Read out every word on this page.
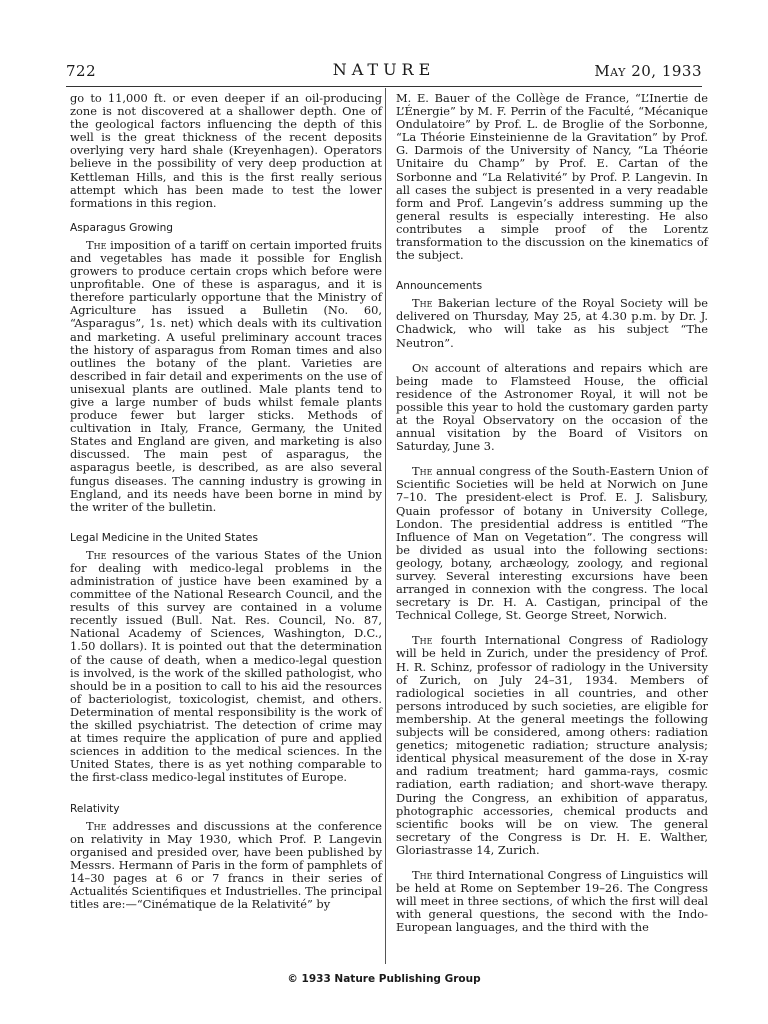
722	NATURE	May 20, 1933

go to 11,000 ft. or even deeper if an oil-producing zone is not discovered at a shallower depth. One of the geological factors influencing the depth of this well is the great thickness of the recent deposits overlying very hard shale (Kreyenhagen). Operators believe in the possibility of very deep production at Kettleman Hills, and this is the first really serious attempt which has been made to test the lower formations in this region.

Asparagus Growing

The imposition of a tariff on certain imported fruits and vegetables has made it possible for English growers to produce certain crops which before were unprofitable. One of these is asparagus, and it is therefore particularly opportune that the Ministry of Agriculture has issued a Bulletin (No. 60, “Asparagus”, 1s. net) which deals with its cultivation and marketing. A useful preliminary account traces the history of asparagus from Roman times and also outlines the botany of the plant. Varieties are described in fair detail and experiments on the use of unisexual plants are outlined. Male plants tend to give a large number of buds whilst female plants produce fewer but larger sticks. Methods of cultivation in Italy, France, Germany, the United States and England are given, and marketing is also discussed. The main pest of asparagus, the asparagus beetle, is described, as are also several fungus diseases. The canning industry is growing in England, and its needs have been borne in mind by the writer of the bulletin.

Legal Medicine in the United States

The resources of the various States of the Union for dealing with medico-legal problems in the administration of justice have been examined by a committee of the National Research Council, and the results of this survey are contained in a volume recently issued (Bull. Nat. Res. Council, No. 87, National Academy of Sciences, Washington, D.C., 1.50 dollars). It is pointed out that the determination of the cause of death, when a medico-legal question is involved, is the work of the skilled pathologist, who should be in a position to call to his aid the resources of bacteriologist, toxicologist, chemist, and others. Determination of mental responsibility is the work of the skilled psychiatrist. The detection of crime may at times require the application of pure and applied sciences in addition to the medical sciences. In the United States, there is as yet nothing comparable to the first-class medico-legal institutes of Europe.

Relativity

The addresses and discussions at the conference on relativity in May 1930, which Prof. P. Langevin organised and presided over, have been published by Messrs. Hermann of Paris in the form of pamphlets of 14–30 pages at 6 or 7 francs in their series of Actualités Scientifiques et Industrielles. The principal titles are:—“Cinématique de la Relativité” by

M. E. Bauer of the Collège de France, “L’Inertie de L’Énergie” by M. F. Perrin of the Faculté, “Mécanique Ondulatoire” by Prof. L. de Broglie of the Sorbonne, “La Théorie Einsteinienne de la Gravitation” by Prof. G. Darmois of the University of Nancy, “La Théorie Unitaire du Champ” by Prof. E. Cartan of the Sorbonne and “La Relativité” by Prof. P. Langevin. In all cases the subject is presented in a very readable form and Prof. Langevin’s address summing up the general results is especially interesting. He also contributes a simple proof of the Lorentz transformation to the discussion on the kinematics of the subject.

Announcements

The Bakerian lecture of the Royal Society will be delivered on Thursday, May 25, at 4.30 p.m. by Dr. J. Chadwick, who will take as his subject “The Neutron”.

On account of alterations and repairs which are being made to Flamsteed House, the official residence of the Astronomer Royal, it will not be possible this year to hold the customary garden party at the Royal Observatory on the occasion of the annual visitation by the Board of Visitors on Saturday, June 3.

The annual congress of the South-Eastern Union of Scientific Societies will be held at Norwich on June 7–10. The president-elect is Prof. E. J. Salisbury, Quain professor of botany in University College, London. The presidential address is entitled “The Influence of Man on Vegetation”. The congress will be divided as usual into the following sections: geology, botany, archæology, zoology, and regional survey. Several interesting excursions have been arranged in connexion with the congress. The local secretary is Dr. H. A. Castigan, principal of the Technical College, St. George Street, Norwich.

The fourth International Congress of Radiology will be held in Zurich, under the presidency of Prof. H. R. Schinz, professor of radiology in the University of Zurich, on July 24–31, 1934. Members of radiological societies in all countries, and other persons introduced by such societies, are eligible for membership. At the general meetings the following subjects will be considered, among others: radiation genetics; mitogenetic radiation; structure analysis; identical physical measurement of the dose in X-ray and radium treatment; hard gamma-rays, cosmic radiation, earth radiation; and short-wave therapy. During the Congress, an exhibition of apparatus, photographic accessories, chemical products and scientific books will be on view. The general secretary of the Congress is Dr. H. E. Walther, Gloriastrasse 14, Zurich.

The third International Congress of Linguistics will be held at Rome on September 19–26. The Congress will meet in three sections, of which the first will deal with general questions, the second with the Indo-European languages, and the third with the

© 1933 Nature Publishing Group
